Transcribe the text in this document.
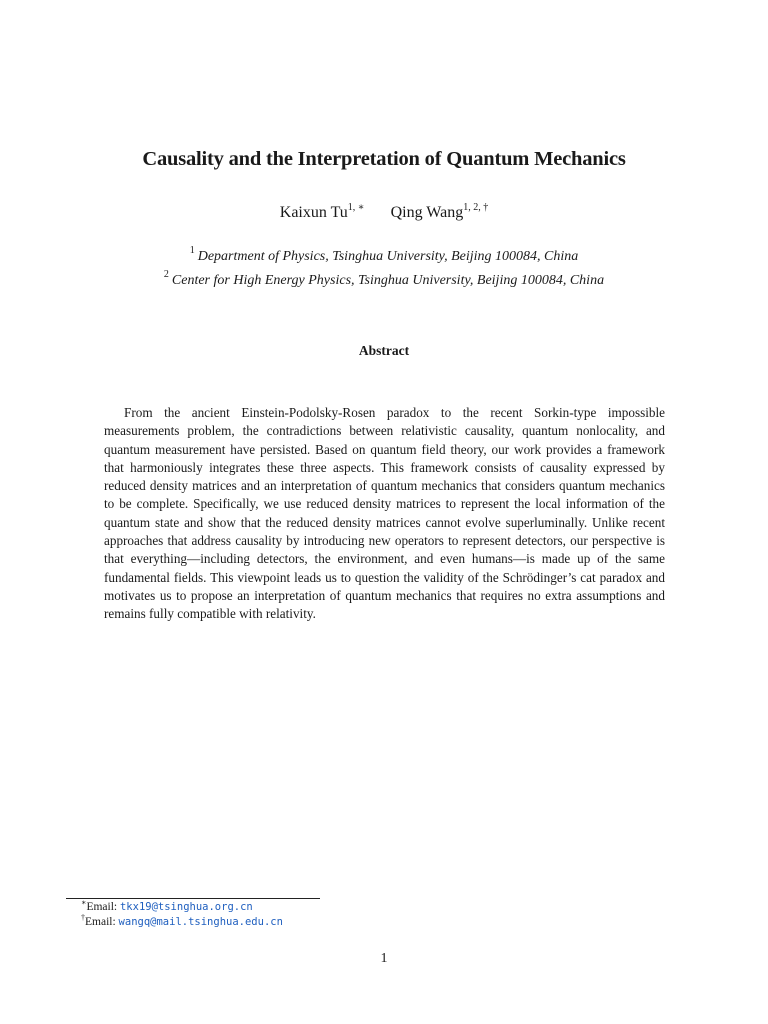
Causality and the Interpretation of Quantum Mechanics
Kaixun $Tu^{1, ∗}$ Qing Wang$^{1, 2, \dagger}$
$^1$ Department of Physics, Tsinghua University, Beijing 100084, China
$^2$ Center for High Energy Physics, Tsinghua University, Beijing 100084, China
Abstract

From the ancient Einstein-Podolsky-Rosen paradox to the recent Sorkin-type impossible measurements problem, the contradictions between relativistic causality, quantum nonlocality, and quantum measurement have persisted. Based on quantum field theory, our work provides a framework that harmoniously integrates these three aspects. This framework consists of causality expressed by reduced density matrices and an interpretation of quantum mechanics that considers quantum mechanics to be complete. Specifically, we use reduced density matrices to represent the local information of the quantum state and show that the reduced density matrices cannot evolve superluminally. Unlike recent approaches that address causality by introducing new operators to represent detectors, our perspective is that everything—including detectors, the environment, and even humans—is made up of the same fundamental fields. This viewpoint leads us to question the validity of the Schrödinger’s cat paradox and motivates us to propose an interpretation of quantum mechanics that requires no extra assumptions and remains fully compatible with relativity.

∗Email: tkx19@tsinghua.org.cn
†Email: wangq@mail.tsinghua.edu.cn
1
